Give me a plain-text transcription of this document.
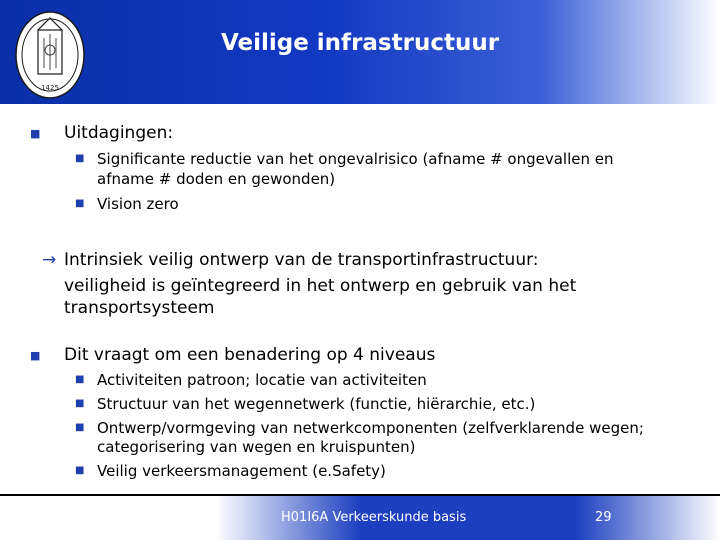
1425
Veilige infrastructuur
■ Uitdagingen:
■ Significante reductie van het ongevalrisico (afname # ongevallen en
afname # doden en gewonden)
■ Vision zero
→ Intrinsiek veilig ontwerp van de transportinfrastructuur:
veiligheid is geïntegreerd in het ontwerp en gebruik van het
transportsysteem
■ Dit vraagt om een benadering op 4 niveaus
■ Activiteiten patroon; locatie van activiteiten
■ Structuur van het wegennetwerk (functie, hiërarchie, etc.)
■ Ontwerp/vormgeving van netwerkcomponenten (zelfverklarende wegen;
categorisering van wegen en kruispunten)
■ Veilig verkeersmanagement (e.Safety)
H01I6A Verkeerskunde basis	29
